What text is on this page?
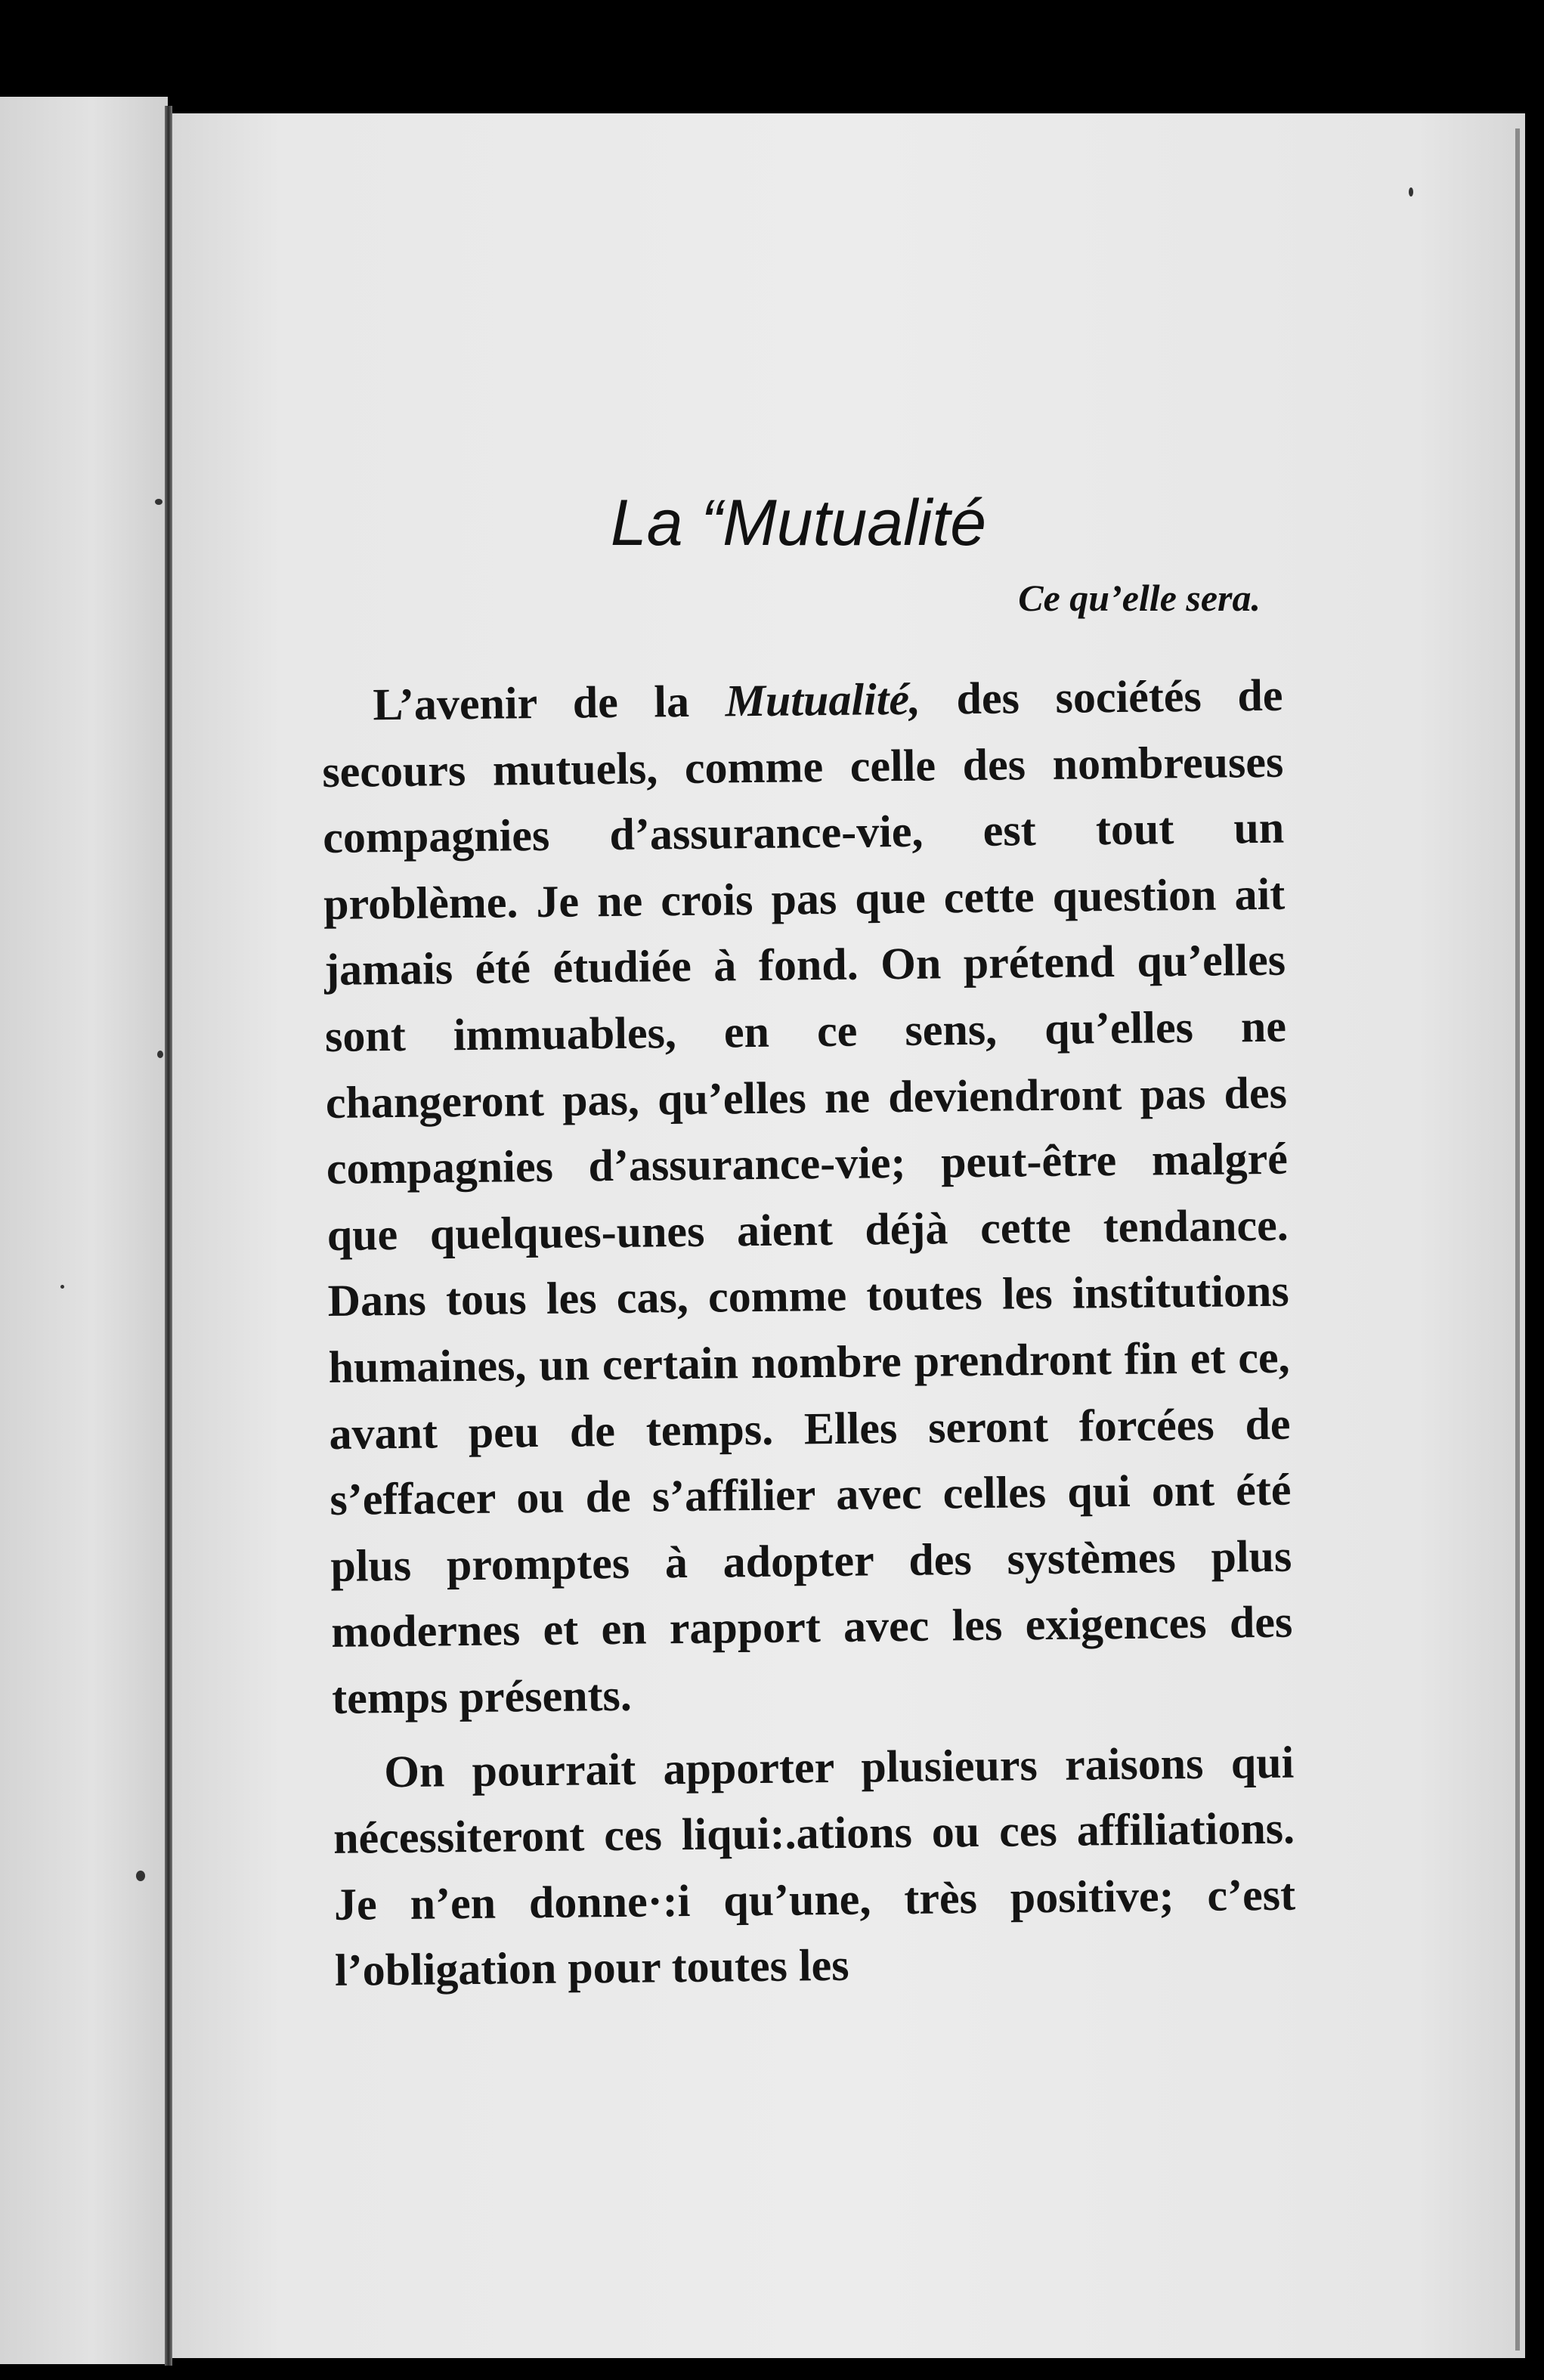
La “Mutualité
Ce qu’elle sera.

L’avenir de la Mutualité, des sociétés de secours mutuels, comme celle des nombreuses compagnies d’assurance-vie, est tout un problème. Je ne crois pas que cette question ait jamais été étudiée à fond. On prétend qu’elles sont immuables, en ce sens, qu’elles ne changeront pas, qu’elles ne deviendront pas des compagnies d’assurance-vie; peut-être malgré que quelques-unes aient déjà cette tendance. Dans tous les cas, comme toutes les institutions humaines, un certain nombre prendront fin et ce, avant peu de temps. Elles seront forcées de s’effacer ou de s’affilier avec celles qui ont été plus promptes à adopter des systèmes plus modernes et en rapport avec les exigences des temps présents.

On pourrait apporter plusieurs raisons qui nécessiteront ces liqui:.ations ou ces affiliations. Je n’en donne·:i qu’une, très positive; c’est l’obligation pour toutes les
